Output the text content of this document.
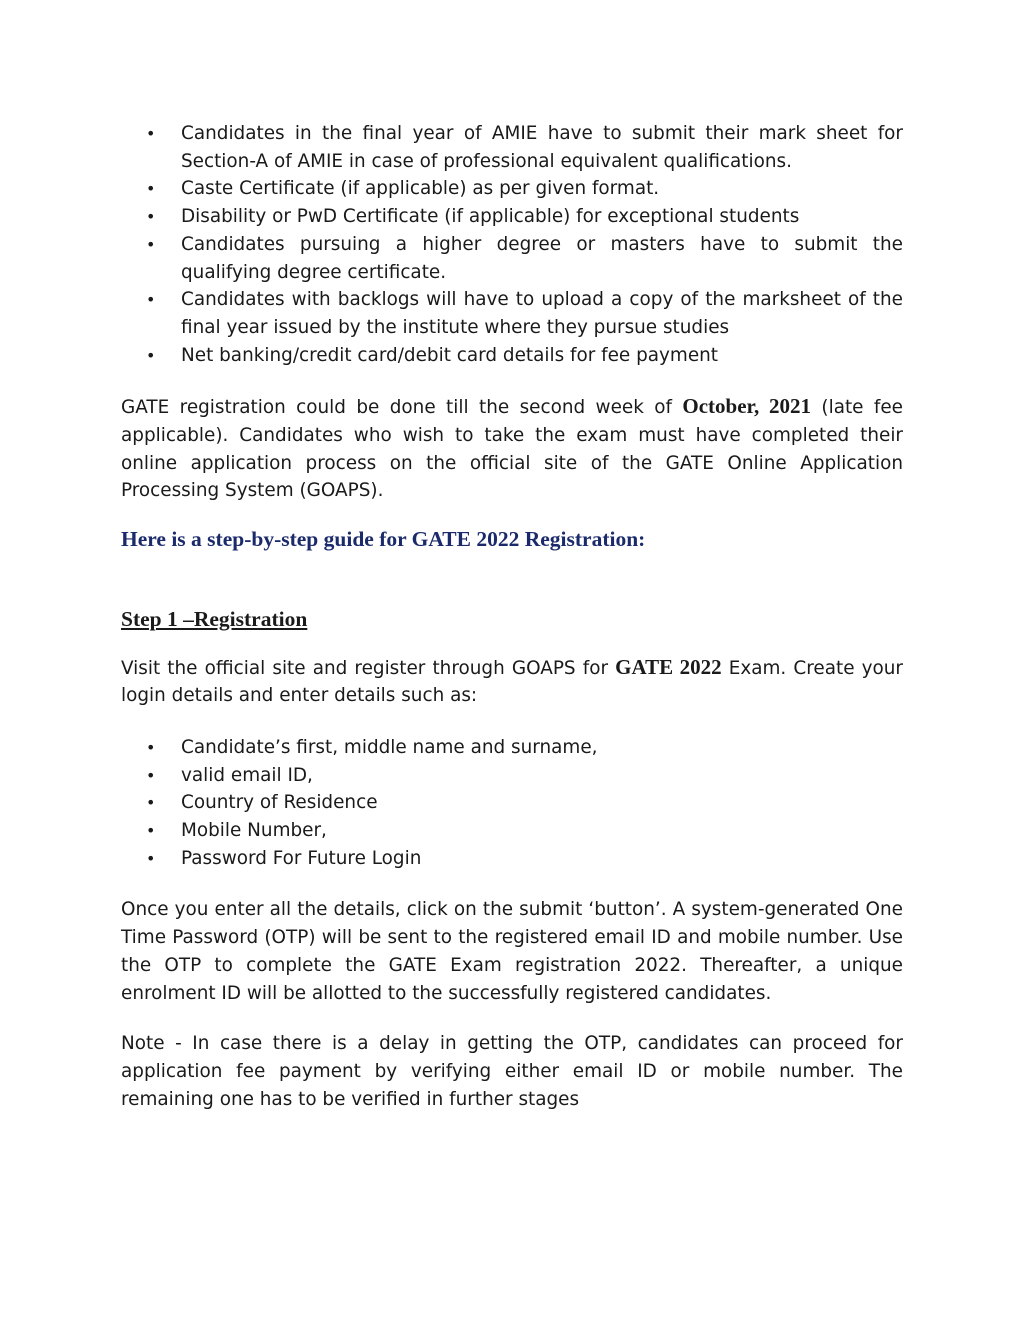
• Candidates in the final year of AMIE have to submit their mark sheet for Section-A of AMIE in case of professional equivalent qualifications.
• Caste Certificate (if applicable) as per given format.
• Disability or PwD Certificate (if applicable) for exceptional students
• Candidates pursuing a higher degree or masters have to submit the qualifying degree certificate.
• Candidates with backlogs will have to upload a copy of the marksheet of the final year issued by the institute where they pursue studies
• Net banking/credit card/debit card details for fee payment

GATE registration could be done till the second week of October, 2021 (late fee applicable). Candidates who wish to take the exam must have completed their online application process on the official site of the GATE Online Application Processing System (GOAPS).

Here is a step-by-step guide for GATE 2022 Registration:

Step 1 –Registration

Visit the official site and register through GOAPS for GATE 2022 Exam. Create your login details and enter details such as:

• Candidate’s first, middle name and surname,
• valid email ID,
• Country of Residence
• Mobile Number,
• Password For Future Login

Once you enter all the details, click on the submit ‘button’. A system-generated One Time Password (OTP) will be sent to the registered email ID and mobile number. Use the OTP to complete the GATE Exam registration 2022. Thereafter, a unique enrolment ID will be allotted to the successfully registered candidates.

Note - In case there is a delay in getting the OTP, candidates can proceed for application fee payment by verifying either email ID or mobile number. The remaining one has to be verified in further stages
